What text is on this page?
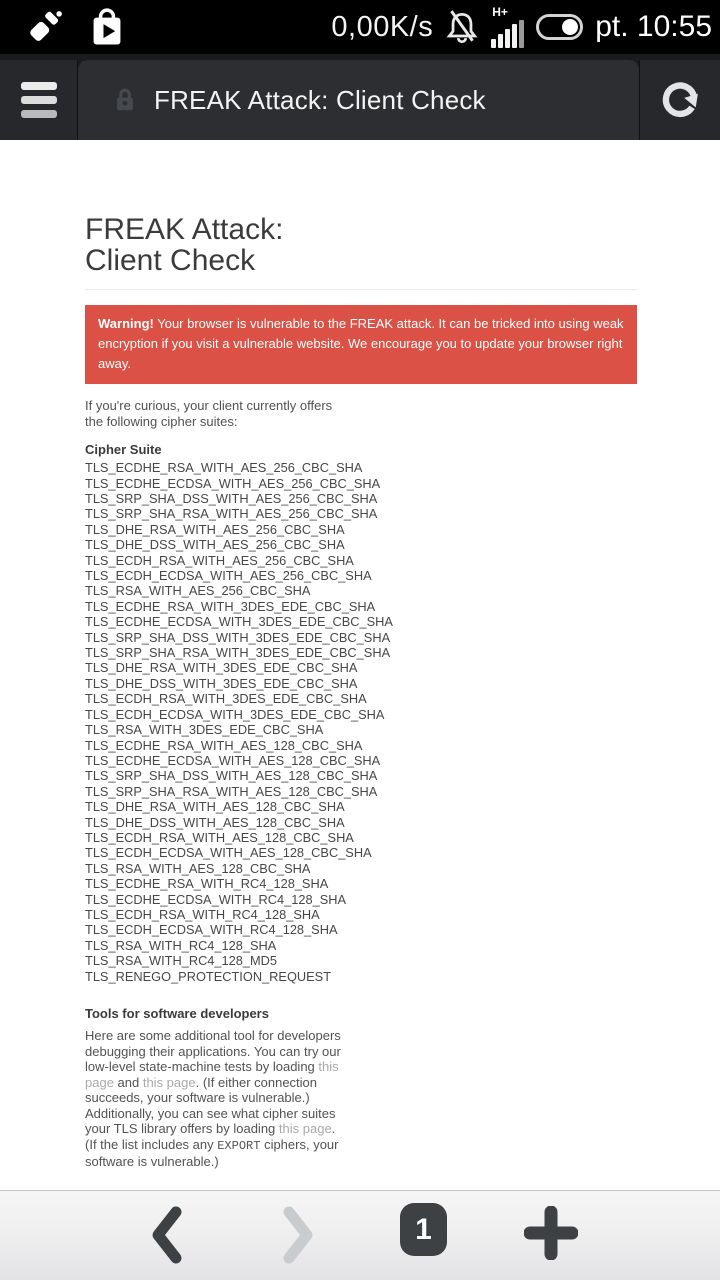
0,00K/s	H+	pt. 10:55
FREAK Attack: Client Check
FREAK Attack:
Client Check
Warning! Your browser is vulnerable to the FREAK attack. It can be tricked into using weak encryption if you visit a vulnerable website. We encourage you to update your browser right away.

If you're curious, your client currently offers the following cipher suites:

Cipher Suite
TLS_ECDHE_RSA_WITH_AES_256_CBC_SHA
TLS_ECDHE_ECDSA_WITH_AES_256_CBC_SHA
TLS_SRP_SHA_DSS_WITH_AES_256_CBC_SHA
TLS_SRP_SHA_RSA_WITH_AES_256_CBC_SHA
TLS_DHE_RSA_WITH_AES_256_CBC_SHA
TLS_DHE_DSS_WITH_AES_256_CBC_SHA
TLS_ECDH_RSA_WITH_AES_256_CBC_SHA
TLS_ECDH_ECDSA_WITH_AES_256_CBC_SHA
TLS_RSA_WITH_AES_256_CBC_SHA
TLS_ECDHE_RSA_WITH_3DES_EDE_CBC_SHA
TLS_ECDHE_ECDSA_WITH_3DES_EDE_CBC_SHA
TLS_SRP_SHA_DSS_WITH_3DES_EDE_CBC_SHA
TLS_SRP_SHA_RSA_WITH_3DES_EDE_CBC_SHA
TLS_DHE_RSA_WITH_3DES_EDE_CBC_SHA
TLS_DHE_DSS_WITH_3DES_EDE_CBC_SHA
TLS_ECDH_RSA_WITH_3DES_EDE_CBC_SHA
TLS_ECDH_ECDSA_WITH_3DES_EDE_CBC_SHA
TLS_RSA_WITH_3DES_EDE_CBC_SHA
TLS_ECDHE_RSA_WITH_AES_128_CBC_SHA
TLS_ECDHE_ECDSA_WITH_AES_128_CBC_SHA
TLS_SRP_SHA_DSS_WITH_AES_128_CBC_SHA
TLS_SRP_SHA_RSA_WITH_AES_128_CBC_SHA
TLS_DHE_RSA_WITH_AES_128_CBC_SHA
TLS_DHE_DSS_WITH_AES_128_CBC_SHA
TLS_ECDH_RSA_WITH_AES_128_CBC_SHA
TLS_ECDH_ECDSA_WITH_AES_128_CBC_SHA
TLS_RSA_WITH_AES_128_CBC_SHA
TLS_ECDHE_RSA_WITH_RC4_128_SHA
TLS_ECDHE_ECDSA_WITH_RC4_128_SHA
TLS_ECDH_RSA_WITH_RC4_128_SHA
TLS_ECDH_ECDSA_WITH_RC4_128_SHA
TLS_RSA_WITH_RC4_128_SHA
TLS_RSA_WITH_RC4_128_MD5
TLS_RENEGO_PROTECTION_REQUEST
Tools for software developers

Here are some additional tool for developers debugging their applications. You can try our low-level state-machine tests by loading this page and this page. (If either connection succeeds, your software is vulnerable.) Additionally, you can see what cipher suites your TLS library offers by loading this page. (If the list includes any EXPORT ciphers, your software is vulnerable.)

1
